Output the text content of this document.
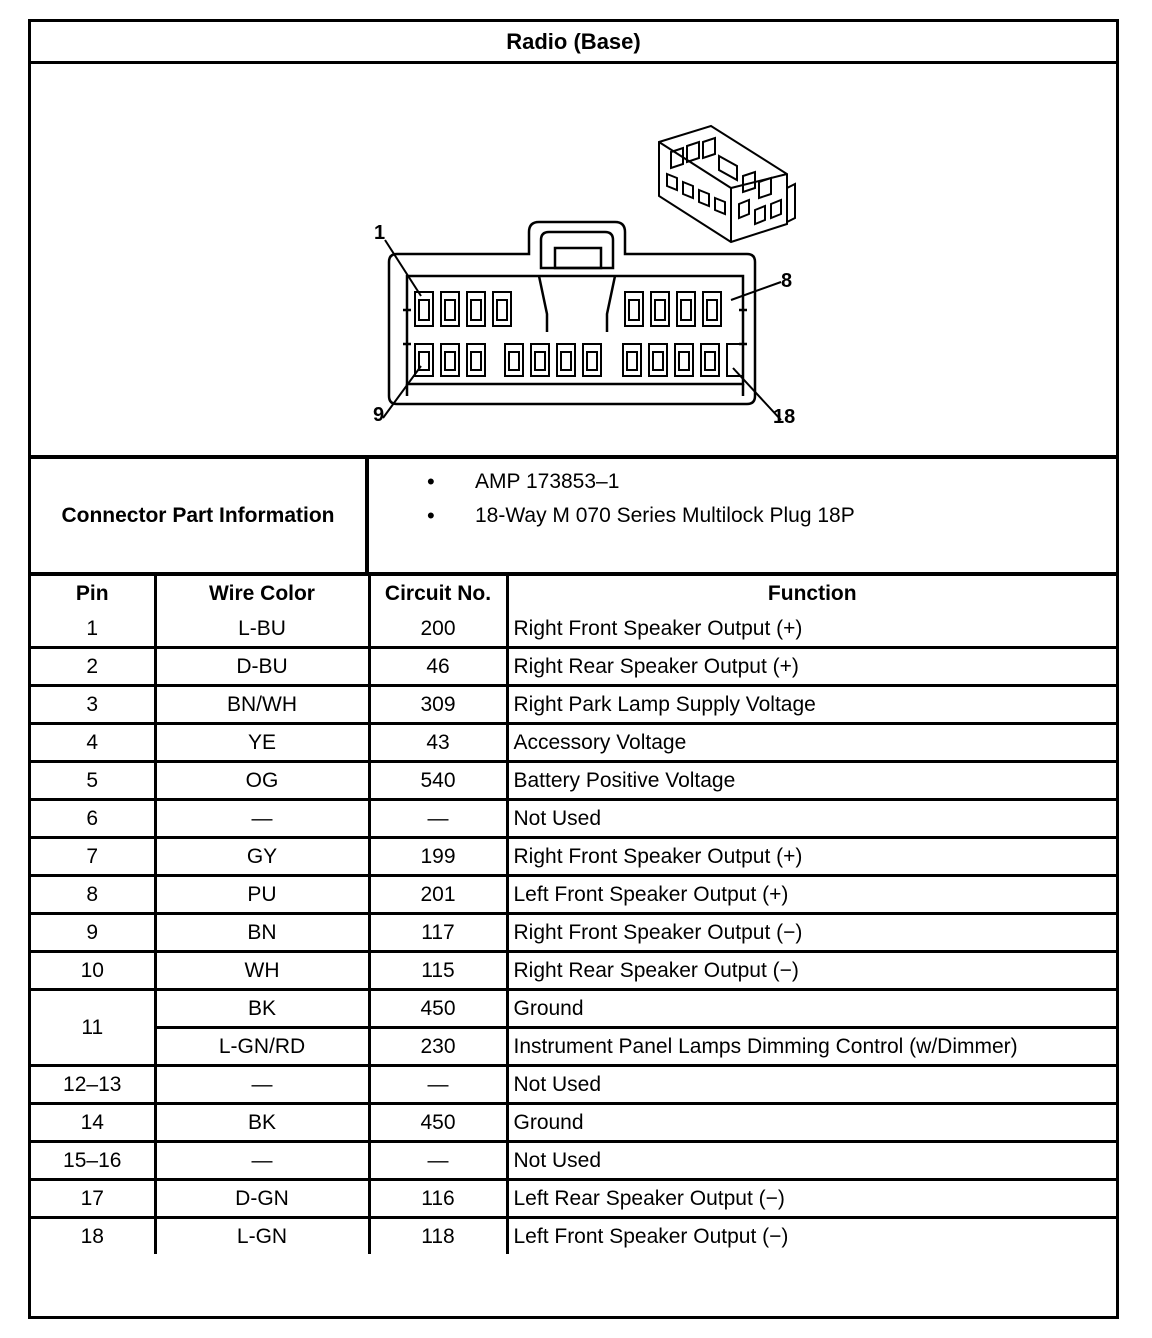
Radio (Base)
1
8
9	18
Connector Part Information
• AMP 173853–1
• 18-Way M 070 Series Multilock Plug 18P
Pin	Wire Color	Circuit No.	Function
1	L-BU	200	Right Front Speaker Output (+)
2	D-BU	46	Right Rear Speaker Output (+)
3	BN/WH	309	Right Park Lamp Supply Voltage
4	YE	43	Accessory Voltage
5	OG	540	Battery Positive Voltage
6	—	—	Not Used
7	GY	199	Right Front Speaker Output (+)
8	PU	201	Left Front Speaker Output (+)
9	BN	117	Right Front Speaker Output (−)
10	WH	115	Right Rear Speaker Output (−)
11	BK	450	Ground
	L-GN/RD	230	Instrument Panel Lamps Dimming Control (w/Dimmer)
12–13	—	—	Not Used
14	BK	450	Ground
15–16	—	—	Not Used
17	D-GN	116	Left Rear Speaker Output (−)
18	L-GN	118	Left Front Speaker Output (−)
